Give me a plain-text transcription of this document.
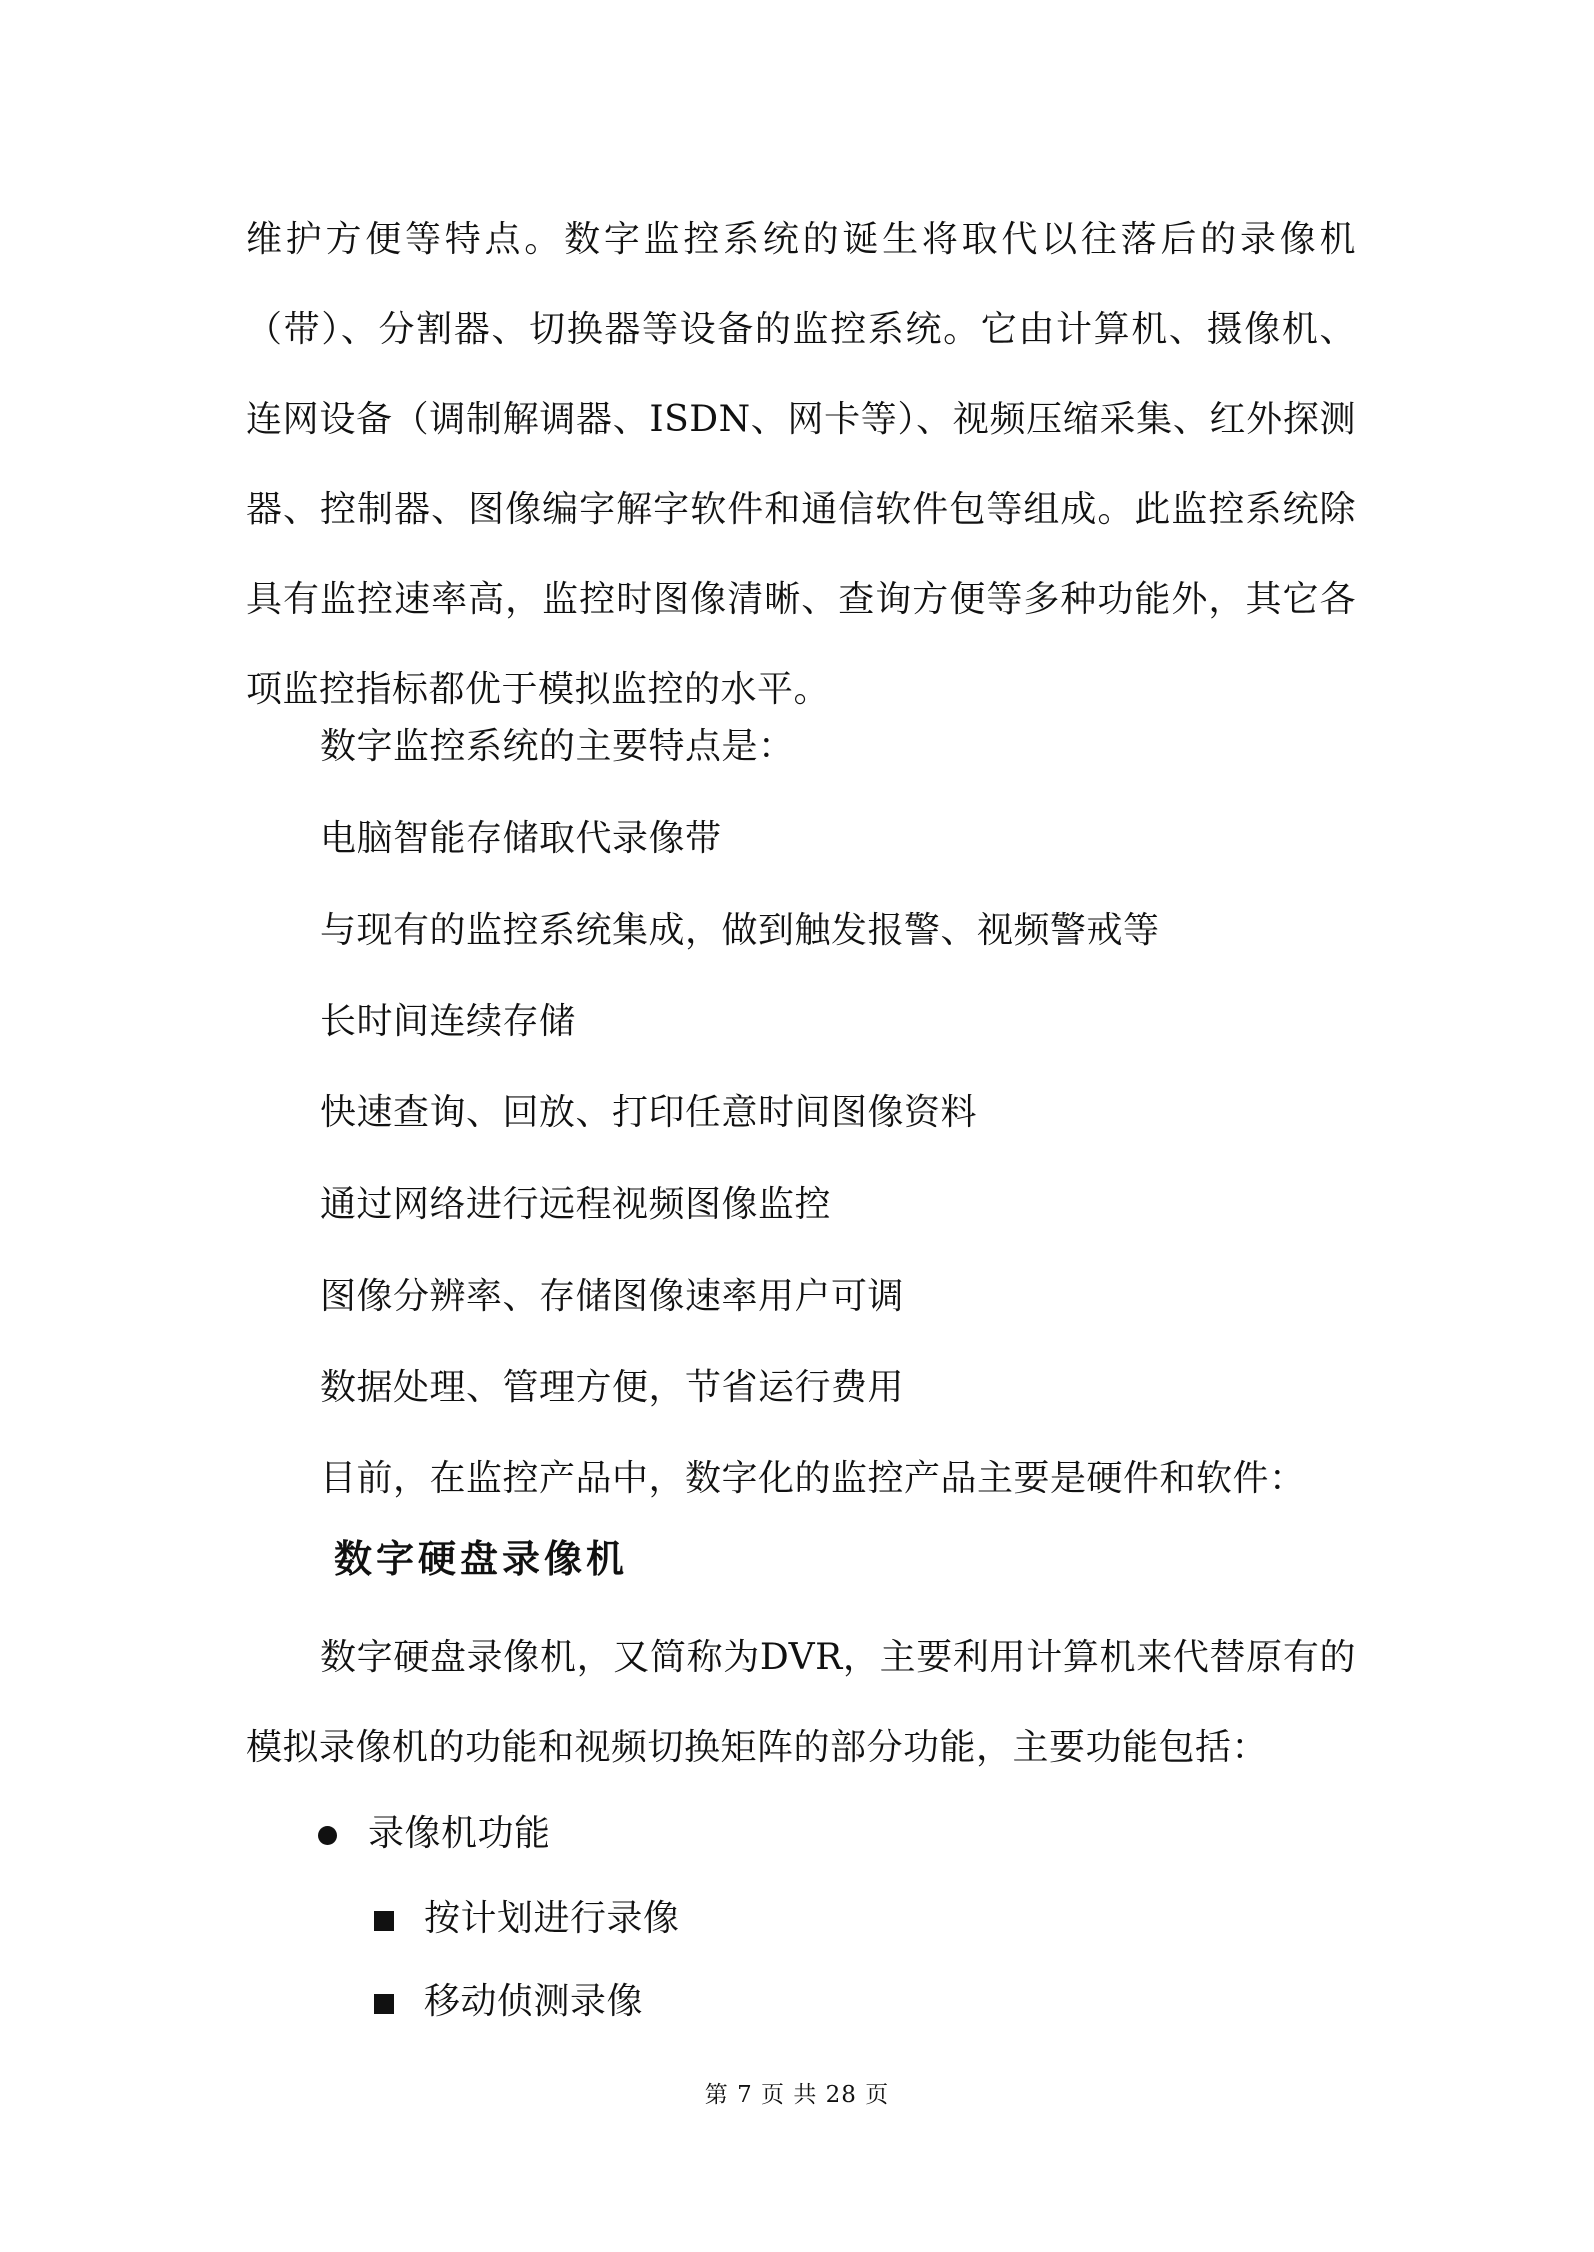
维护方便等特点。数字监控系统的诞生将取代以往落后的录像机（带）、分割器、切换器等设备的监控系统。它由计算机、摄像机、连网设备（调制解调器、ISDN、网卡等）、视频压缩采集、红外探测器、控制器、图像编字解字软件和通信软件包等组成。此监控系统除具有监控速率高，监控时图像清晰、查询方便等多种功能外，其它各项监控指标都优于模拟监控的水平。

数字监控系统的主要特点是：
电脑智能存储取代录像带
与现有的监控系统集成，做到触发报警、视频警戒等
长时间连续存储
快速查询、回放、打印任意时间图像资料
通过网络进行远程视频图像监控
图像分辨率、存储图像速率用户可调
数据处理、管理方便，节省运行费用
目前，在监控产品中，数字化的监控产品主要是硬件和软件：
数字硬盘录像机

数字硬盘录像机，又简称为DVR，主要利用计算机来代替原有的模拟录像机的功能和视频切换矩阵的部分功能，主要功能包括：

录像机功能
按计划进行录像
移动侦测录像
第 7 页 共 28 页
